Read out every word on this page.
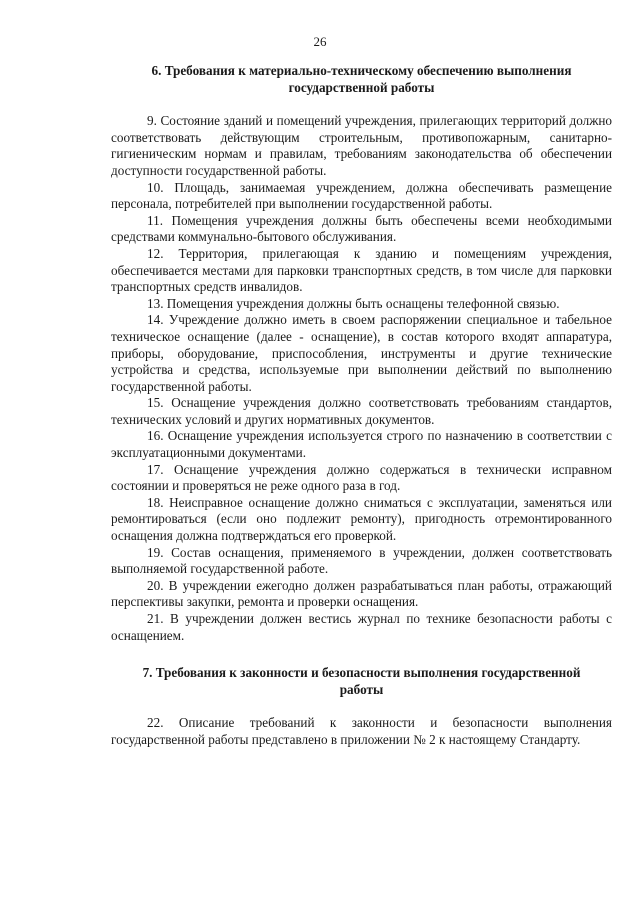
26

6. Требования к материально-техническому обеспечению выполнения государственной работы

9. Состояние зданий и помещений учреждения, прилегающих территорий должно соответствовать действующим строительным, противопожарным, санитарно-гигиеническим нормам и правилам, требованиям законодательства об обеспечении доступности государственной работы.

10. Площадь, занимаемая учреждением, должна обеспечивать размещение персонала, потребителей при выполнении государственной работы.

11. Помещения учреждения должны быть обеспечены всеми необходимыми средствами коммунально-бытового обслуживания.

12. Территория, прилегающая к зданию и помещениям учреждения, обеспечивается местами для парковки транспортных средств, в том числе для парковки транспортных средств инвалидов.

13. Помещения учреждения должны быть оснащены телефонной связью.

14. Учреждение должно иметь в своем распоряжении специальное и табельное техническое оснащение (далее - оснащение), в состав которого входят аппаратура, приборы, оборудование, приспособления, инструменты и другие технические устройства и средства, используемые при выполнении действий по выполнению государственной работы.

15. Оснащение учреждения должно соответствовать требованиям стандартов, технических условий и других нормативных документов.

16. Оснащение учреждения используется строго по назначению в соответствии с эксплуатационными документами.

17. Оснащение учреждения должно содержаться в технически исправном состоянии и проверяться не реже одного раза в год.

18. Неисправное оснащение должно сниматься с эксплуатации, заменяться или ремонтироваться (если оно подлежит ремонту), пригодность отремонтированного оснащения должна подтверждаться его проверкой.

19. Состав оснащения, применяемого в учреждении, должен соответствовать выполняемой государственной работе.

20. В учреждении ежегодно должен разрабатываться план работы, отражающий перспективы закупки, ремонта и проверки оснащения.

21. В учреждении должен вестись журнал по технике безопасности работы с оснащением.

7. Требования к законности и безопасности выполнения государственной работы

22. Описание требований к законности и безопасности выполнения государственной работы представлено в приложении № 2 к настоящему Стандарту.
